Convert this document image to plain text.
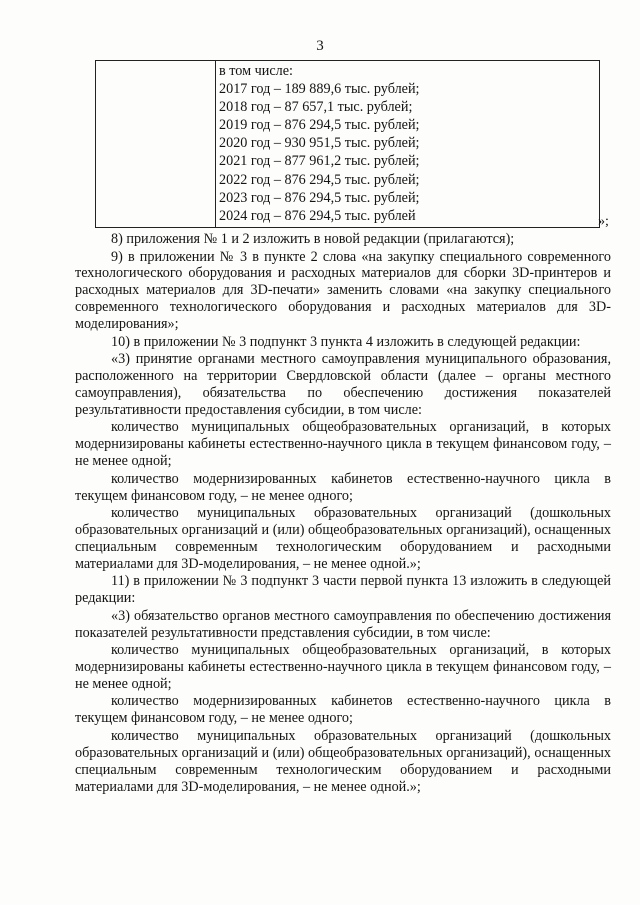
3
в том числе:
2017 год – 189 889,6 тыс. рублей;
2018 год – 87 657,1 тыс. рублей;
2019 год – 876 294,5 тыс. рублей;
2020 год – 930 951,5 тыс. рублей;
2021 год – 877 961,2 тыс. рублей;
2022 год – 876 294,5 тыс. рублей;
2023 год – 876 294,5 тыс. рублей;
2024 год – 876 294,5 тыс. рублей	»;

8) приложения № 1 и 2 изложить в новой редакции (прилагаются);

9) в приложении № 3 в пункте 2 слова «на закупку специального современного технологического оборудования и расходных материалов для сборки 3D-принтеров и расходных материалов для 3D-печати» заменить словами «на закупку специального современного технологического оборудования и расходных материалов для 3D-моделирования»;

10) в приложении № 3 подпункт 3 пункта 4 изложить в следующей редакции:

«3) принятие органами местного самоуправления муниципального образования, расположенного на территории Свердловской области (далее – органы местного самоуправления), обязательства по обеспечению достижения показателей результативности предоставления субсидии, в том числе:

количество муниципальных общеобразовательных организаций, в которых модернизированы кабинеты естественно-научного цикла в текущем финансовом году, – не менее одной;

количество модернизированных кабинетов естественно-научного цикла в текущем финансовом году, – не менее одного;

количество муниципальных образовательных организаций (дошкольных образовательных организаций и (или) общеобразовательных организаций), оснащенных специальным современным технологическим оборудованием и расходными материалами для 3D-моделирования, – не менее одной.»;

11) в приложении № 3 подпункт 3 части первой пункта 13 изложить в следующей редакции:

«3) обязательство органов местного самоуправления по обеспечению достижения показателей результативности представления субсидии, в том числе:

количество муниципальных общеобразовательных организаций, в которых модернизированы кабинеты естественно-научного цикла в текущем финансовом году, – не менее одной;

количество модернизированных кабинетов естественно-научного цикла в текущем финансовом году, – не менее одного;

количество муниципальных образовательных организаций (дошкольных образовательных организаций и (или) общеобразовательных организаций), оснащенных специальным современным технологическим оборудованием и расходными материалами для 3D-моделирования, – не менее одной.»;
